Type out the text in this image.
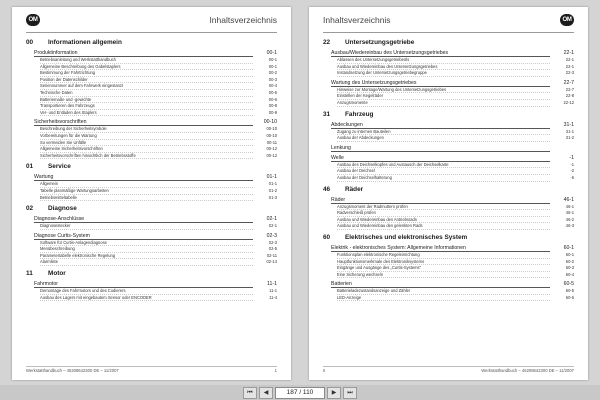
OM	Inhaltsverzeichnis
00	Informationen allgemein
Produktinformation	00-1
Betriebsanleitung und Werkstatthandbuch	00-1
Allgemeine Beschreibung des Gabelstaplers	00-1
Bestimmung der Fahrtrichtung	00-2
Position der Datenschilder	00-3
Seriennummer auf dem Fahrwerk eingestanzt	00-4
Technische Daten	00-5
Batteriemaße und -gewichte	00-6
Transportieren des Fahrzeugs	00-8
Ver- und Entladen des Staplers	00-9
Sicherheitsvorschriften	00-10
Beschreibung der Sicherheitsymbole	00-10
Vorbereitungen für die Wartung	00-10
So vermeiden Sie Unfälle	00-11
Allgemeine Sicherheitsvorschriften	00-12
Sicherheitsvorschriften hinsichtlich der Betriebsstoffe	00-12
01	Service
Wartung	01-1
Allgemein	01-1
Tabelle planmäßige Wartungsarbeiten	01-2
Betriebsmitteltabelle	01-3
02	Diagnose
Diagnose-Anschlüsse	02-1
Diagnosestecker	02-1
Diagnose Curtis-System	02-3
Software für Curtis-Anlagendiagnose	02-3
Menübeschreibung	02-5
Parametertabelle elektronische Regelung	02-11
Alarmliste	02-14
11	Motor
Fahrmotor	11-1
Demontage des Fahrmotors und des Codierers	11-1
Ausbau des Lagers mit eingebautem Sensor oder ENCODER	11-4
Werkstatthandbuch – 45208642300 DE – 11/2007	1
Inhaltsverzeichnis	OM
22	Untersetzungsgetriebe
Ausbau/Wiedereinbau des Untersetzungsgetriebes	22-1
Ablassen des Untersetzungsgetriebeöls	22-1
Ausbau und Wiedereinbau des Untersetzungsgetriebes	22-1
Instandsetzung der Untersetzungsgetriebegruppe	22-3
Wartung des Untersetzungsgetriebes	22-7
Hinweise zur Montage/Wartung des Untersetzungsgetriebes	22-7
Einstellen der Kegelräder	22-8
Anzugsmomente	22-12
31	Fahrzeug
Abdeckungen	31-1
Zugang zu internen Bauteilen	31-1
Ausbau der Abdeckungen	31-2
Lenkung
Welle	-1
Ausbau des Deichselkopfes und Austausch der Deichselkarte	-1
Ausbau der Deichsel	-2
Ausbau der Deichselhalterung	-6
46	Räder
Räder	46-1
Anzugsmoment der Radmuttern prüfen	46-1
Radverschleiß prüfen	46-1
Ausbau und Wiedereinbau des Antriebsrads	46-2
Ausbau und Wiedereinbau des gelenkten Rads	46-3
60	Elektrisches und elektronisches System
Elektrik - elektronisches System: Allgemeine Informationen	60-1
Funktionsplan elektronische Regeleinrichtung	60-1
Hauptfunktionsmerkmale des Elektroniksystems	60-2
Eingänge und Ausgänge des „Curtis-Systems"	60-3
Eine Sicherung wechseln	60-4
Batterien	60-5
Batterieladezustandsanzeige und Zähler	60-5
LED-Anzeige	60-6
II	Werkstatthandbuch – 45208642300 DE – 11/2007
⏮	◀	187 / 110	▶	⏭
